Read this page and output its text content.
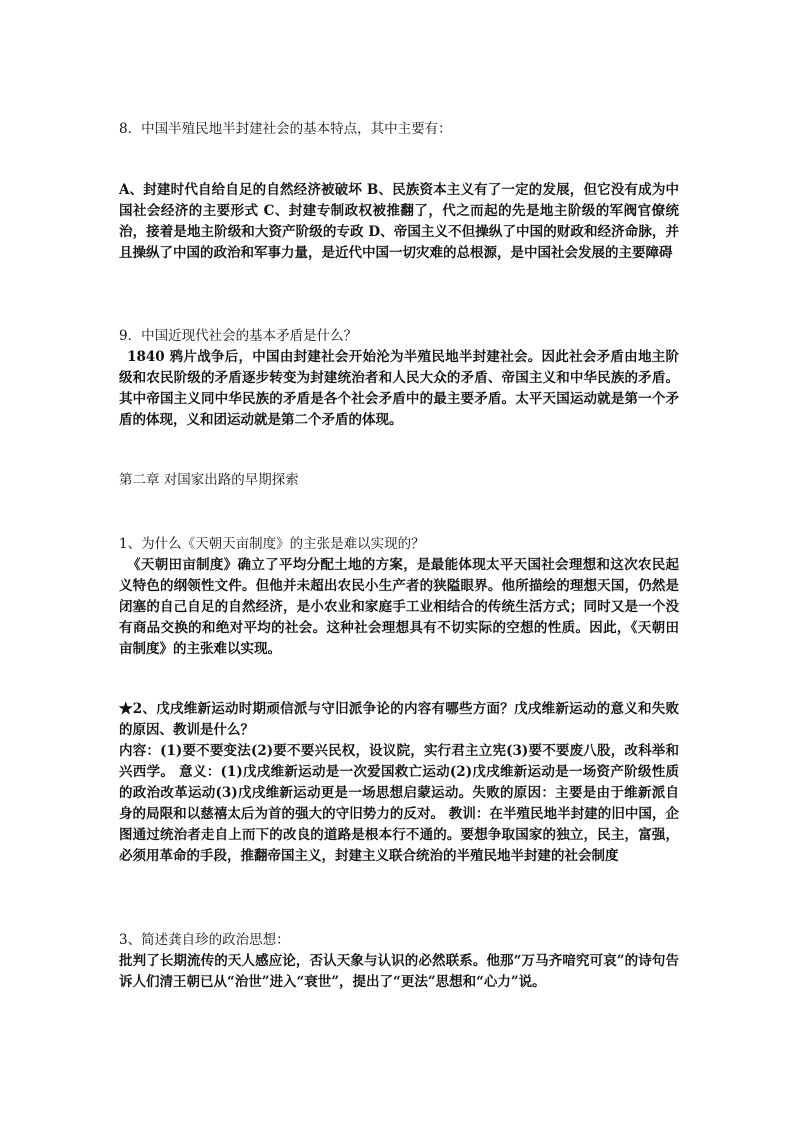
8．中国半殖民地半封建社会的基本特点，其中主要有：

A、封建时代自给自足的自然经济被破坏 B、民族资本主义有了一定的发展，但它没有成为中国社会经济的主要形式 C、封建专制政权被推翻了，代之而起的先是地主阶级的军阀官僚统治，接着是地主阶级和大资产阶级的专政 D、帝国主义不但操纵了中国的财政和经济命脉，并且操纵了中国的政治和军事力量，是近代中国一切灾难的总根源，是中国社会发展的主要障碍

9．中国近现代社会的基本矛盾是什么？

1840 鸦片战争后，中国由封建社会开始沦为半殖民地半封建社会。因此社会矛盾由地主阶级和农民阶级的矛盾逐步转变为封建统治者和人民大众的矛盾、帝国主义和中华民族的矛盾。其中帝国主义同中华民族的矛盾是各个社会矛盾中的最主要矛盾。太平天国运动就是第一个矛盾的体现，义和团运动就是第二个矛盾的体现。

第二章 对国家出路的早期探索

1、为什么《天朝天亩制度》的主张是难以实现的？

《天朝田亩制度》确立了平均分配土地的方案，是最能体现太平天国社会理想和这次农民起义特色的纲领性文件。但他并未超出农民小生产者的狭隘眼界。他所描绘的理想天国，仍然是闭塞的自己自足的自然经济，是小农业和家庭手工业相结合的传统生活方式；同时又是一个没有商品交换的和绝对平均的社会。这种社会理想具有不切实际的空想的性质。因此，《天朝田亩制度》的主张难以实现。

★2、戊戌维新运动时期顽信派与守旧派争论的内容有哪些方面？戊戌维新运动的意义和失败的原因、教训是什么？

内容：(1)要不要变法(2)要不要兴民权，设议院，实行君主立宪(3)要不要废八股，改科举和兴西学。 意义：(1)戊戌维新运动是一次爱国救亡运动(2)戊戌维新运动是一场资产阶级性质的政治改革运动(3)戊戌维新运动更是一场思想启蒙运动。失败的原因：主要是由于维新派自身的局限和以慈禧太后为首的强大的守旧势力的反对。 教训：在半殖民地半封建的旧中国，企图通过统治者走自上而下的改良的道路是根本行不通的。要想争取国家的独立，民主，富强，必须用革命的手段，推翻帝国主义，封建主义联合统治的半殖民地半封建的社会制度

3、简述龚自珍的政治思想：

批判了长期流传的天人感应论，否认天象与认识的必然联系。他那“万马齐喑究可哀”的诗句告诉人们清王朝已从“治世”进入“衰世”，提出了“更法”思想和“心力”说。
